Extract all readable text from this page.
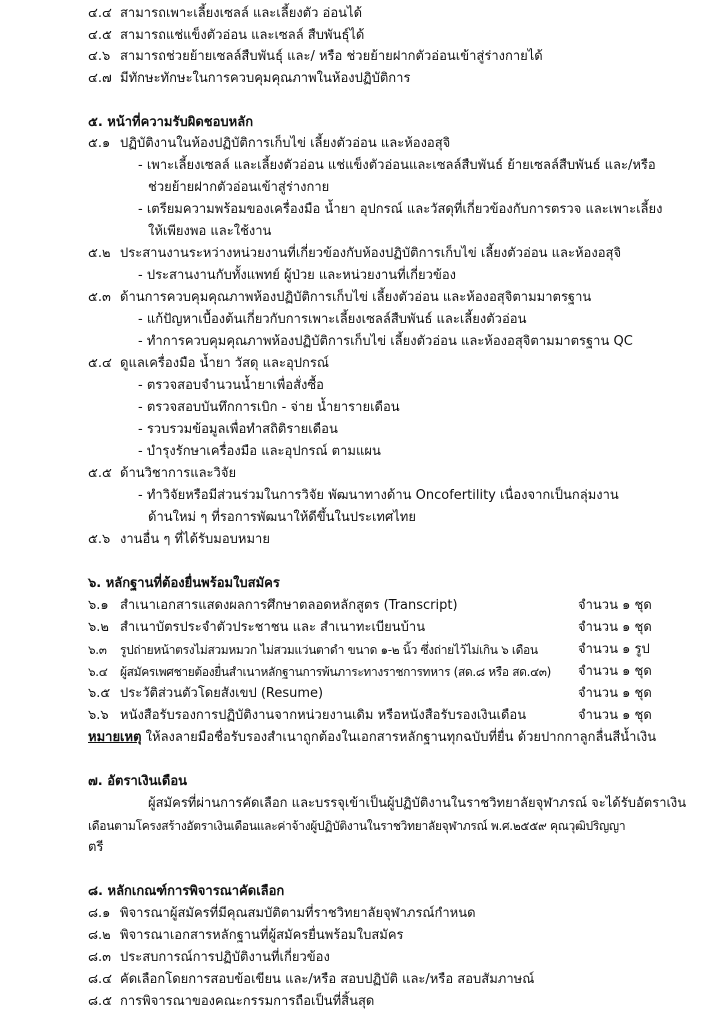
๔.๔ สามารถเพาะเลี้ยงเซลล์ และเลี้ยงตัว อ่อนได้
๔.๕ สามารถแช่แข็งตัวอ่อน และเซลล์ สืบพันธุ์ได้
๔.๖ สามารถช่วยย้ายเซลล์สืบพันธุ์ และ/ หรือ ช่วยย้ายฝากตัวอ่อนเข้าสู่ร่างกายได้
๔.๗ มีทักษะทักษะในการควบคุมคุณภาพในห้องปฏิบัติการ
๕. หน้าที่ความรับผิดชอบหลัก
๕.๑ ปฏิบัติงานในห้องปฏิบัติการเก็บไข่ เลี้ยงตัวอ่อน และห้องอสุจิ
- เพาะเลี้ยงเซลล์ และเลี้ยงตัวอ่อน แช่แข็งตัวอ่อนและเซลล์สืบพันธ์ ย้ายเซลล์สืบพันธ์ และ/หรือ
ช่วยย้ายฝากตัวอ่อนเข้าสู่ร่างกาย
- เตรียมความพร้อมของเครื่องมือ น้ำยา อุปกรณ์ และวัสดุที่เกี่ยวข้องกับการตรวจ และเพาะเลี้ยง
ให้เพียงพอ และใช้งาน
๕.๒ ประสานงานระหว่างหน่วยงานที่เกี่ยวข้องกับห้องปฏิบัติการเก็บไข่ เลี้ยงตัวอ่อน และห้องอสุจิ
- ประสานงานกับทั้งแพทย์ ผู้ป่วย และหน่วยงานที่เกี่ยวข้อง
๕.๓ ด้านการควบคุมคุณภาพห้องปฏิบัติการเก็บไข่ เลี้ยงตัวอ่อน และห้องอสุจิตามมาตรฐาน
- แก้ปัญหาเบื้องต้นเกี่ยวกับการเพาะเลี้ยงเซลล์สืบพันธ์ และเลี้ยงตัวอ่อน
- ทำการควบคุมคุณภาพห้องปฏิบัติการเก็บไข่ เลี้ยงตัวอ่อน และห้องอสุจิตามมาตรฐาน QC
๕.๔ ดูแลเครื่องมือ น้ำยา วัสดุ และอุปกรณ์
- ตรวจสอบจำนวนน้ำยาเพื่อสั่งซื้อ
- ตรวจสอบบันทึกการเบิก - จ่าย น้ำยารายเดือน
- รวบรวมข้อมูลเพื่อทำสถิติรายเดือน
- บำรุงรักษาเครื่องมือ และอุปกรณ์ ตามแผน
๕.๕ ด้านวิชาการและวิจัย
- ทำวิจัยหรือมีส่วนร่วมในการวิจัย พัฒนาทางด้าน Oncofertility เนื่องจากเป็นกลุ่มงาน
ด้านใหม่ ๆ ที่รอการพัฒนาให้ดีขึ้นในประเทศไทย
๕.๖ งานอื่น ๆ ที่ได้รับมอบหมาย
๖. หลักฐานที่ต้องยื่นพร้อมใบสมัคร
๖.๑ สำเนาเอกสารแสดงผลการศึกษาตลอดหลักสูตร (Transcript)	จำนวน ๑ ชุด
๖.๒ สำเนาบัตรประจำตัวประชาชน และ สำเนาทะเบียนบ้าน	จำนวน ๑ ชุด
๖.๓ รูปถ่ายหน้าตรงไม่สวมหมวก ไม่สวมแว่นตาดำ ขนาด ๑-๒ นิ้ว ซึ่งถ่ายไว้ไม่เกิน ๖ เดือน	จำนวน ๑ รูป
๖.๔ ผู้สมัครเพศชายต้องยื่นสำเนาหลักฐานการพ้นภาระทางราชการทหาร (สด.๘ หรือ สด.๔๓) จำนวน ๑ ชุด
๖.๕ ประวัติส่วนตัวโดยสังเขป (Resume)	จำนวน ๑ ชุด
๖.๖ หนังสือรับรองการปฏิบัติงานจากหน่วยงานเดิม หรือหนังสือรับรองเงินเดือน	จำนวน ๑ ชุด
หมายเหตุ ให้ลงลายมือชื่อรับรองสำเนาถูกต้องในเอกสารหลักฐานทุกฉบับที่ยื่น ด้วยปากกาลูกลื่นสีน้ำเงิน
๗. อัตราเงินเดือน
ผู้สมัครที่ผ่านการคัดเลือก และบรรจุเข้าเป็นผู้ปฏิบัติงานในราชวิทยาลัยจุฬาภรณ์ จะได้รับอัตราเงิน
เดือนตามโครงสร้างอัตราเงินเดือนและค่าจ้างผู้ปฏิบัติงานในราชวิทยาลัยจุฬาภรณ์ พ.ศ.๒๕๕๙ คุณวุฒิปริญญา
ตรี
๘. หลักเกณฑ์การพิจารณาคัดเลือก
๘.๑ พิจารณาผู้สมัครที่มีคุณสมบัติตามที่ราชวิทยาลัยจุฬาภรณ์กำหนด
๘.๒ พิจารณาเอกสารหลักฐานที่ผู้สมัครยื่นพร้อมใบสมัคร
๘.๓ ประสบการณ์การปฏิบัติงานที่เกี่ยวข้อง
๘.๔ คัดเลือกโดยการสอบข้อเขียน และ/หรือ สอบปฏิบัติ และ/หรือ สอบสัมภาษณ์
๘.๕ การพิจารณาของคณะกรรมการถือเป็นที่สิ้นสุด
